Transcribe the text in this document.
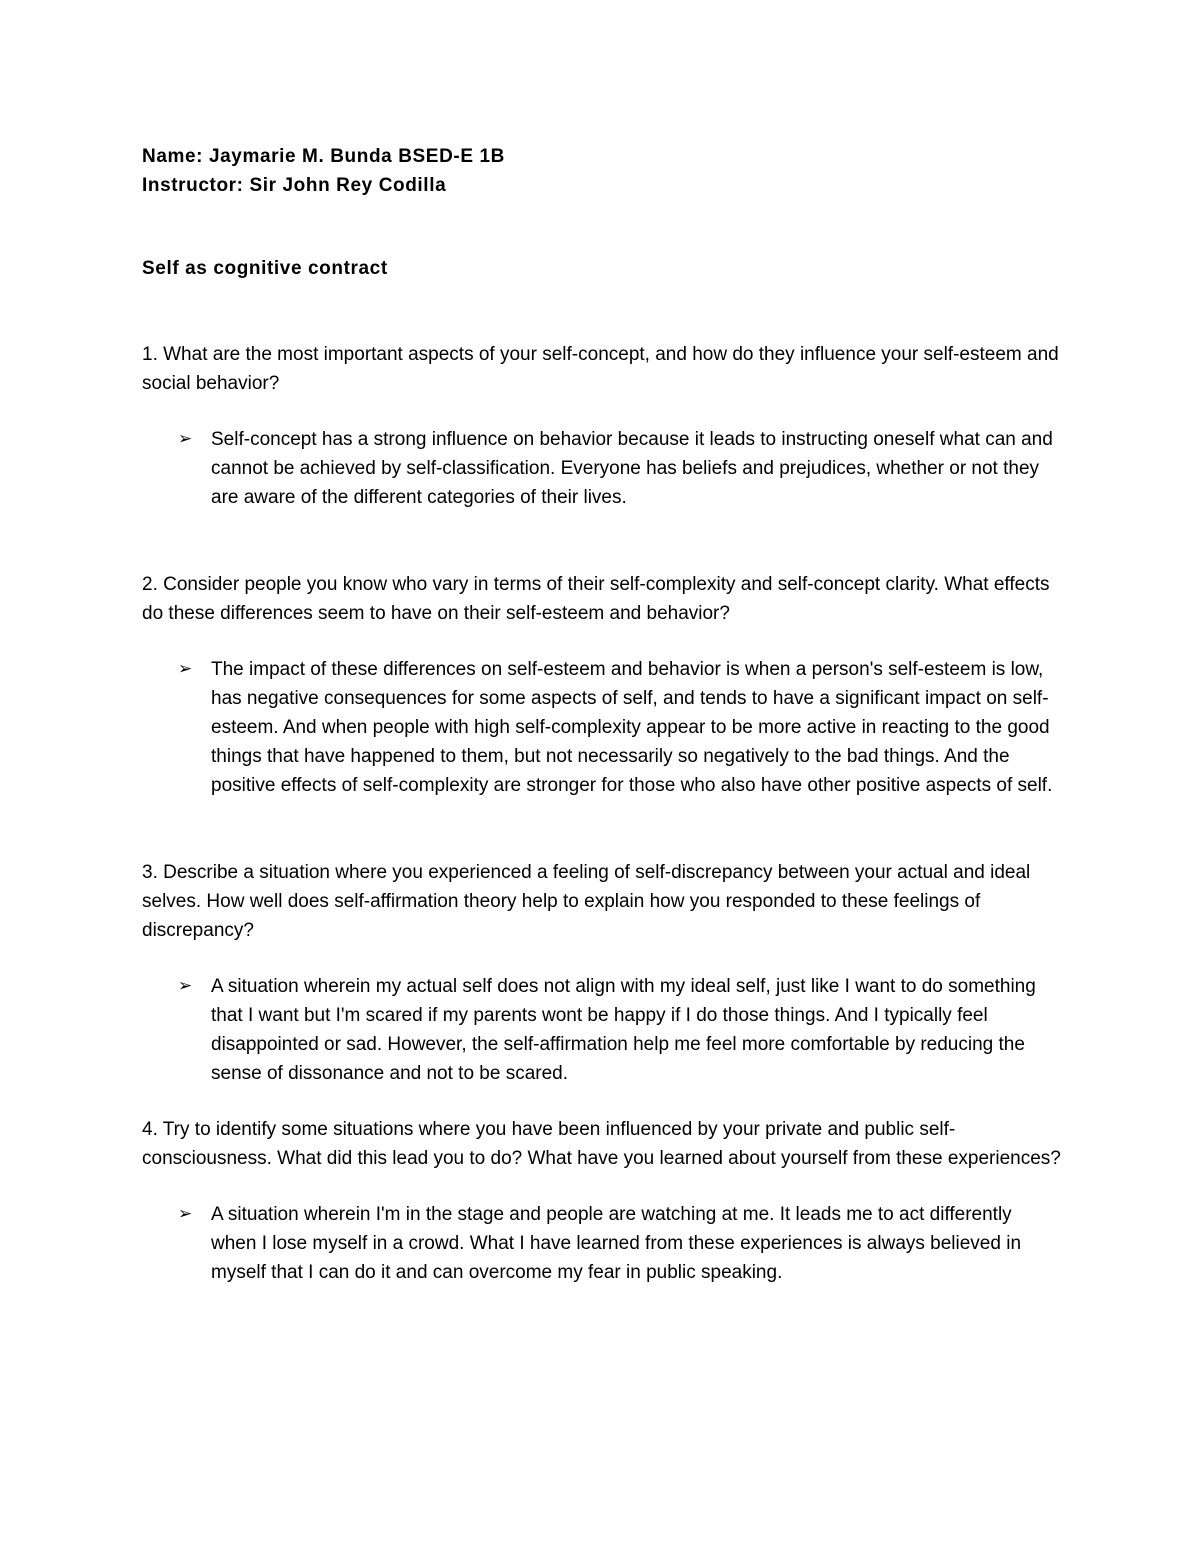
Name: Jaymarie M. Bunda BSED-E 1B

Instructor: Sir John Rey Codilla

Self as cognitive contract

1. What are the most important aspects of your self-concept, and how do they influence your self-esteem and social behavior?

➢ Self-concept has a strong influence on behavior because it leads to instructing oneself what can and cannot be achieved by self-classification. Everyone has beliefs and prejudices, whether or not they are aware of the different categories of their lives.

2. Consider people you know who vary in terms of their self-complexity and self-concept clarity. What effects do these differences seem to have on their self-esteem and behavior?

➢ The impact of these differences on self-esteem and behavior is when a person's self-esteem is low, has negative consequences for some aspects of self, and tends to have a significant impact on self-esteem. And when people with high self-complexity appear to be more active in reacting to the good things that have happened to them, but not necessarily so negatively to the bad things. And the positive effects of self-complexity are stronger for those who also have other positive aspects of self.

3. Describe a situation where you experienced a feeling of self-discrepancy between your actual and ideal selves. How well does self-affirmation theory help to explain how you responded to these feelings of discrepancy?

➢ A situation wherein my actual self does not align with my ideal self, just like I want to do something that I want but I'm scared if my parents wont be happy if I do those things. And I typically feel disappointed or sad. However, the self-affirmation help me feel more comfortable by reducing the sense of dissonance and not to be scared.

4. Try to identify some situations where you have been influenced by your private and public self-consciousness. What did this lead you to do? What have you learned about yourself from these experiences?

➢ A situation wherein I'm in the stage and people are watching at me. It leads me to act differently when I lose myself in a crowd. What I have learned from these experiences is always believed in myself that I can do it and can overcome my fear in public speaking.
